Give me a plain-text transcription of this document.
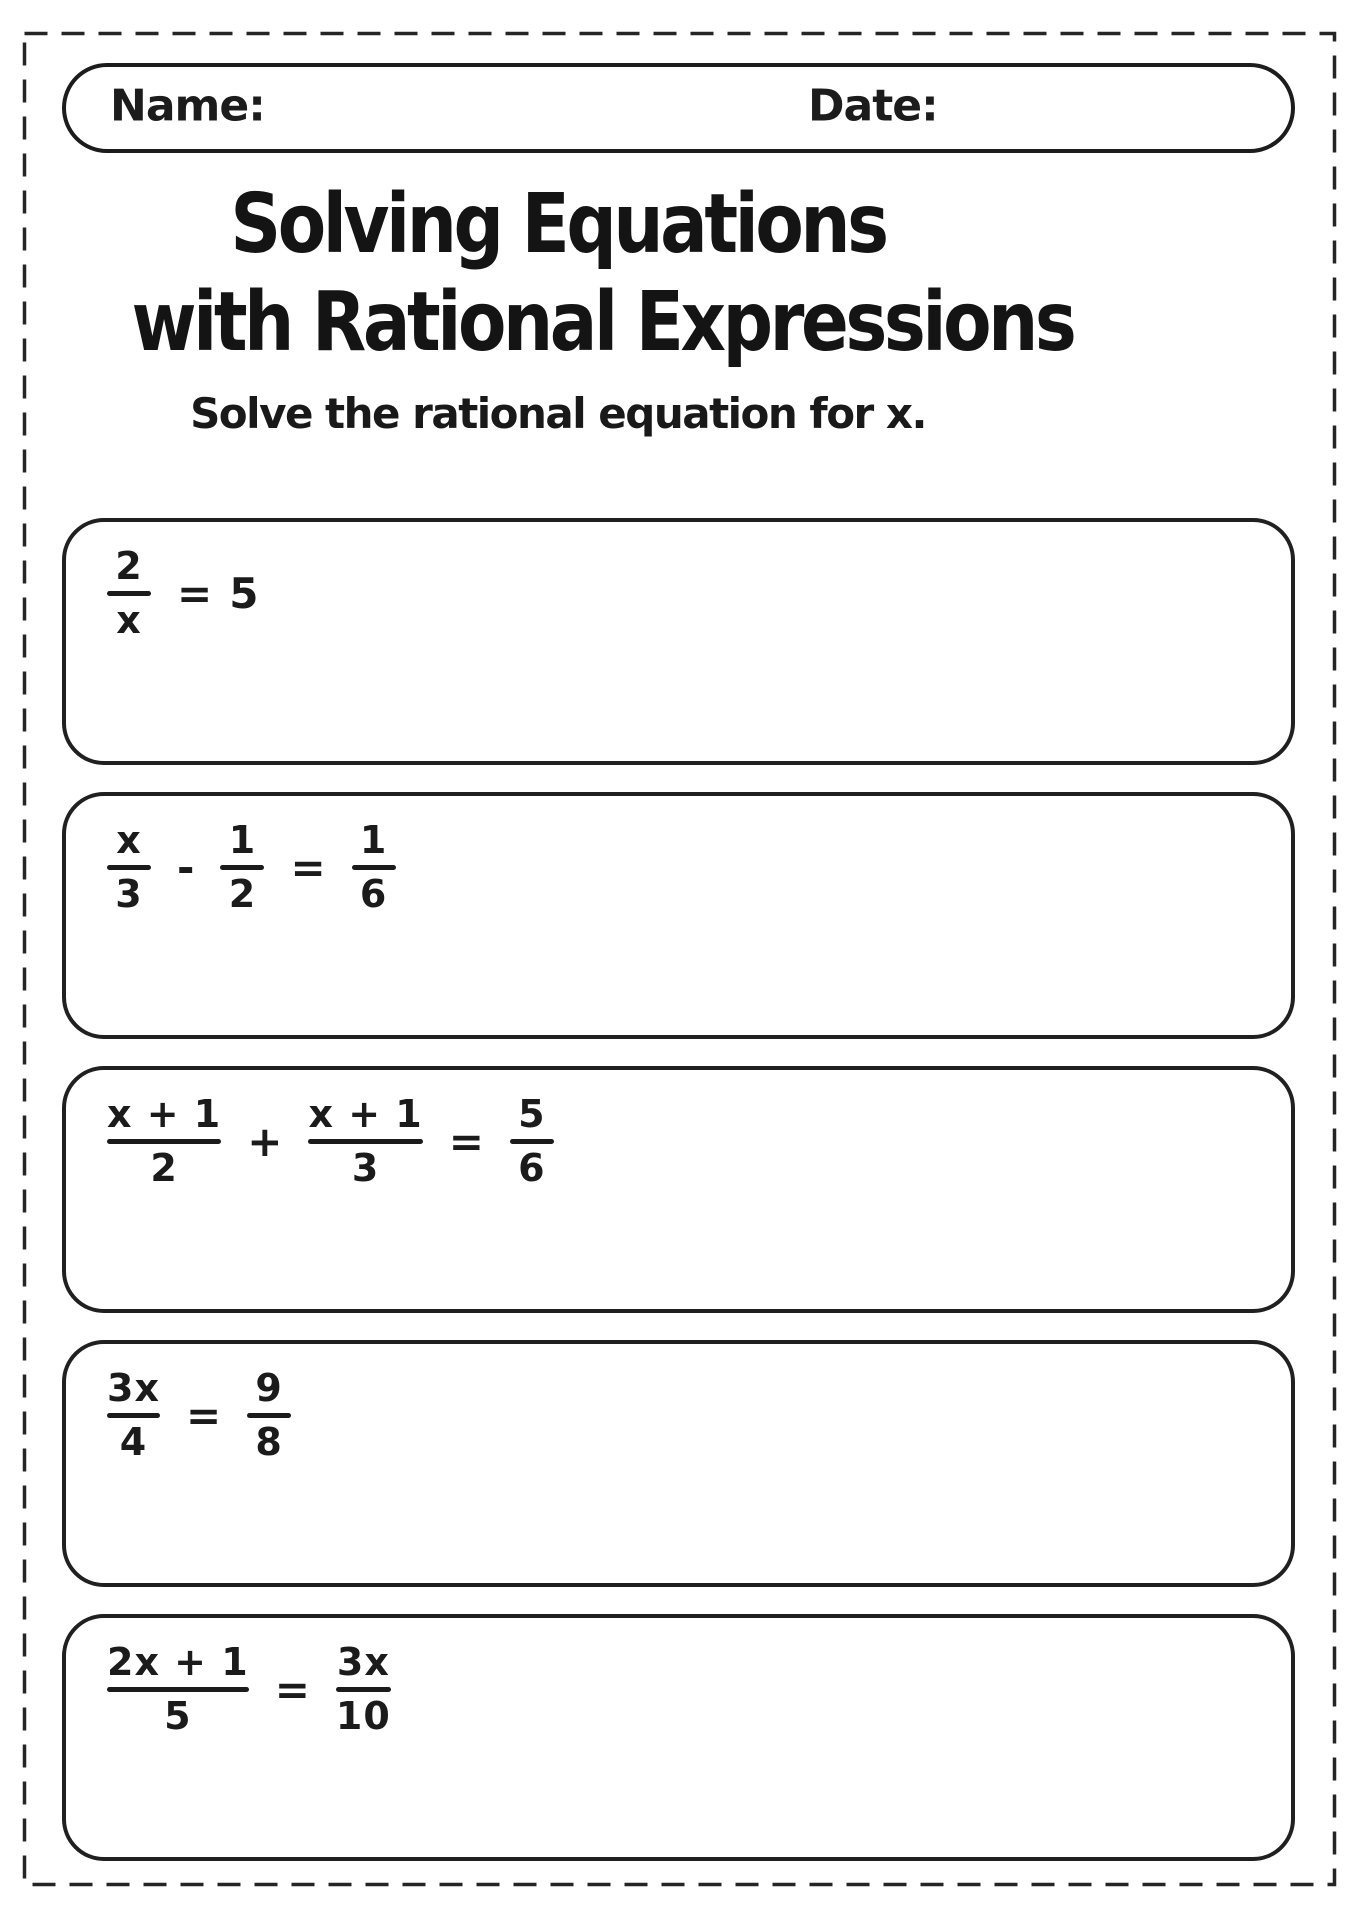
Name:	Date:
Solving Equations
with Rational Expressions
Solve the rational equation for x.
2
x
= 5
x
3
-
1
2
=
1
6
x + 1
2
+
x + 1
3
=
5
6
3x
4
=
9
8
2x + 1
5
=
3x
10
